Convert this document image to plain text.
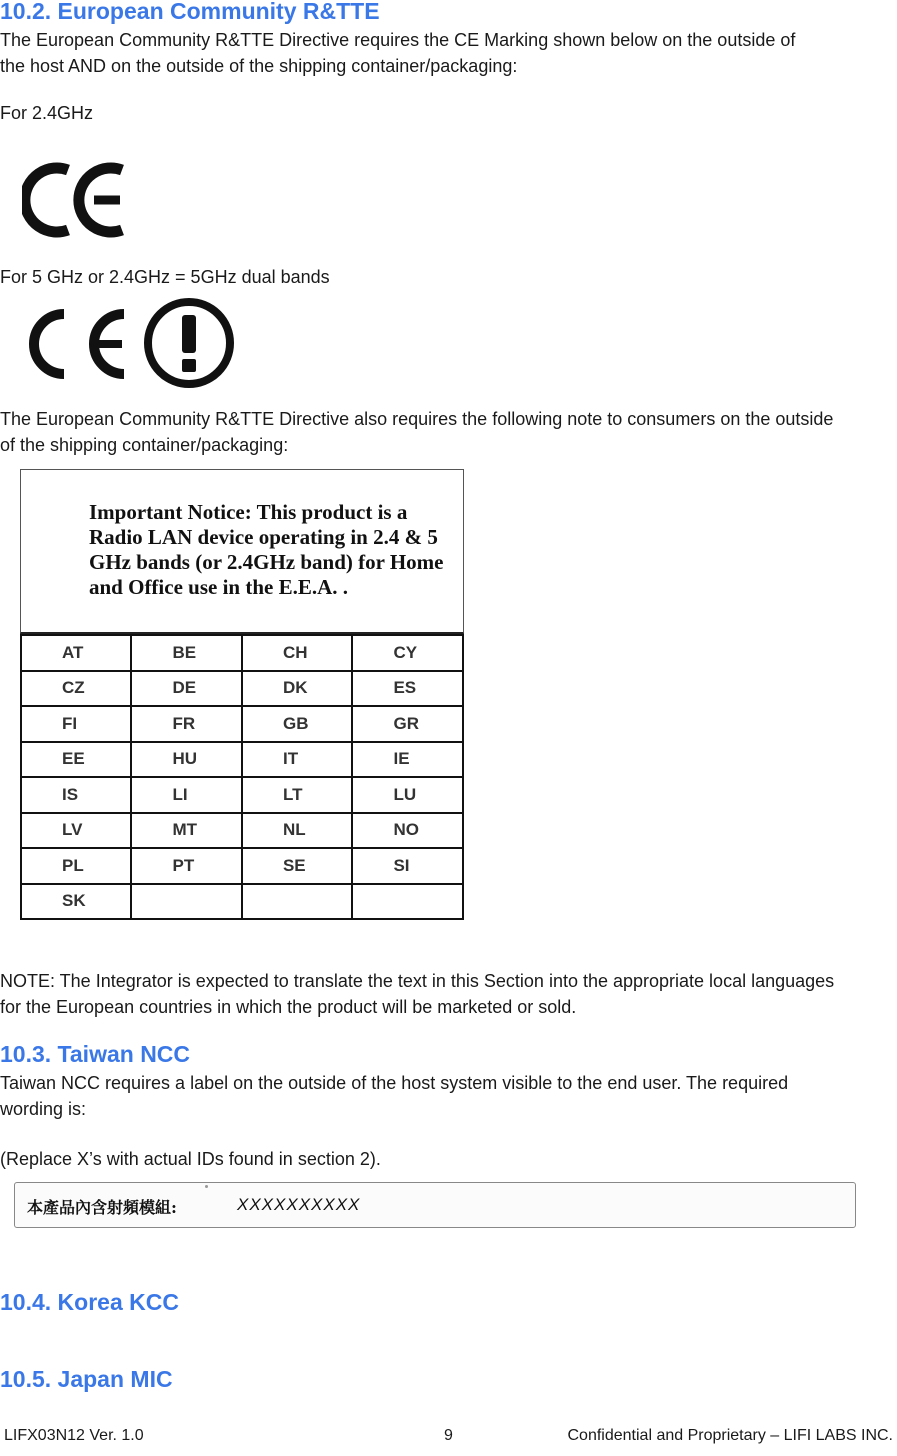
10.2. European Community R&TTE

The European Community R&TTE Directive requires the CE Marking shown below on the outside of the host AND on the outside of the shipping container/packaging:

For 2.4GHz

For 5 GHz or 2.4GHz = 5GHz dual bands

The European Community R&TTE Directive also requires the following note to consumers on the outside of the shipping container/packaging:

Important Notice: This product is a
Radio LAN device operating in 2.4 & 5
GHz bands (or 2.4GHz band) for Home
and Office use in the E.E.A. .
AT	BE	CH	CY
CZ	DE	DK	ES
FI	FR	GB	GR
EE	HU	IT	IE
IS	LI	LT	LU
LV	MT	NL	NO
PL	PT	SE	SI
SK			

NOTE: The Integrator is expected to translate the text in this Section into the appropriate local languages for the European countries in which the product will be marketed or sold.

10.3. Taiwan NCC

Taiwan NCC requires a label on the outside of the host system visible to the end user. The required wording is:

(Replace X’s with actual IDs found in section 2).

本產品內含射頻模組:	XXXXXXXXXX
10.4. Korea KCC
10.5. Japan MIC
LIFX03N12 Ver. 1.0	9	Confidential and Proprietary – LIFI LABS INC.
